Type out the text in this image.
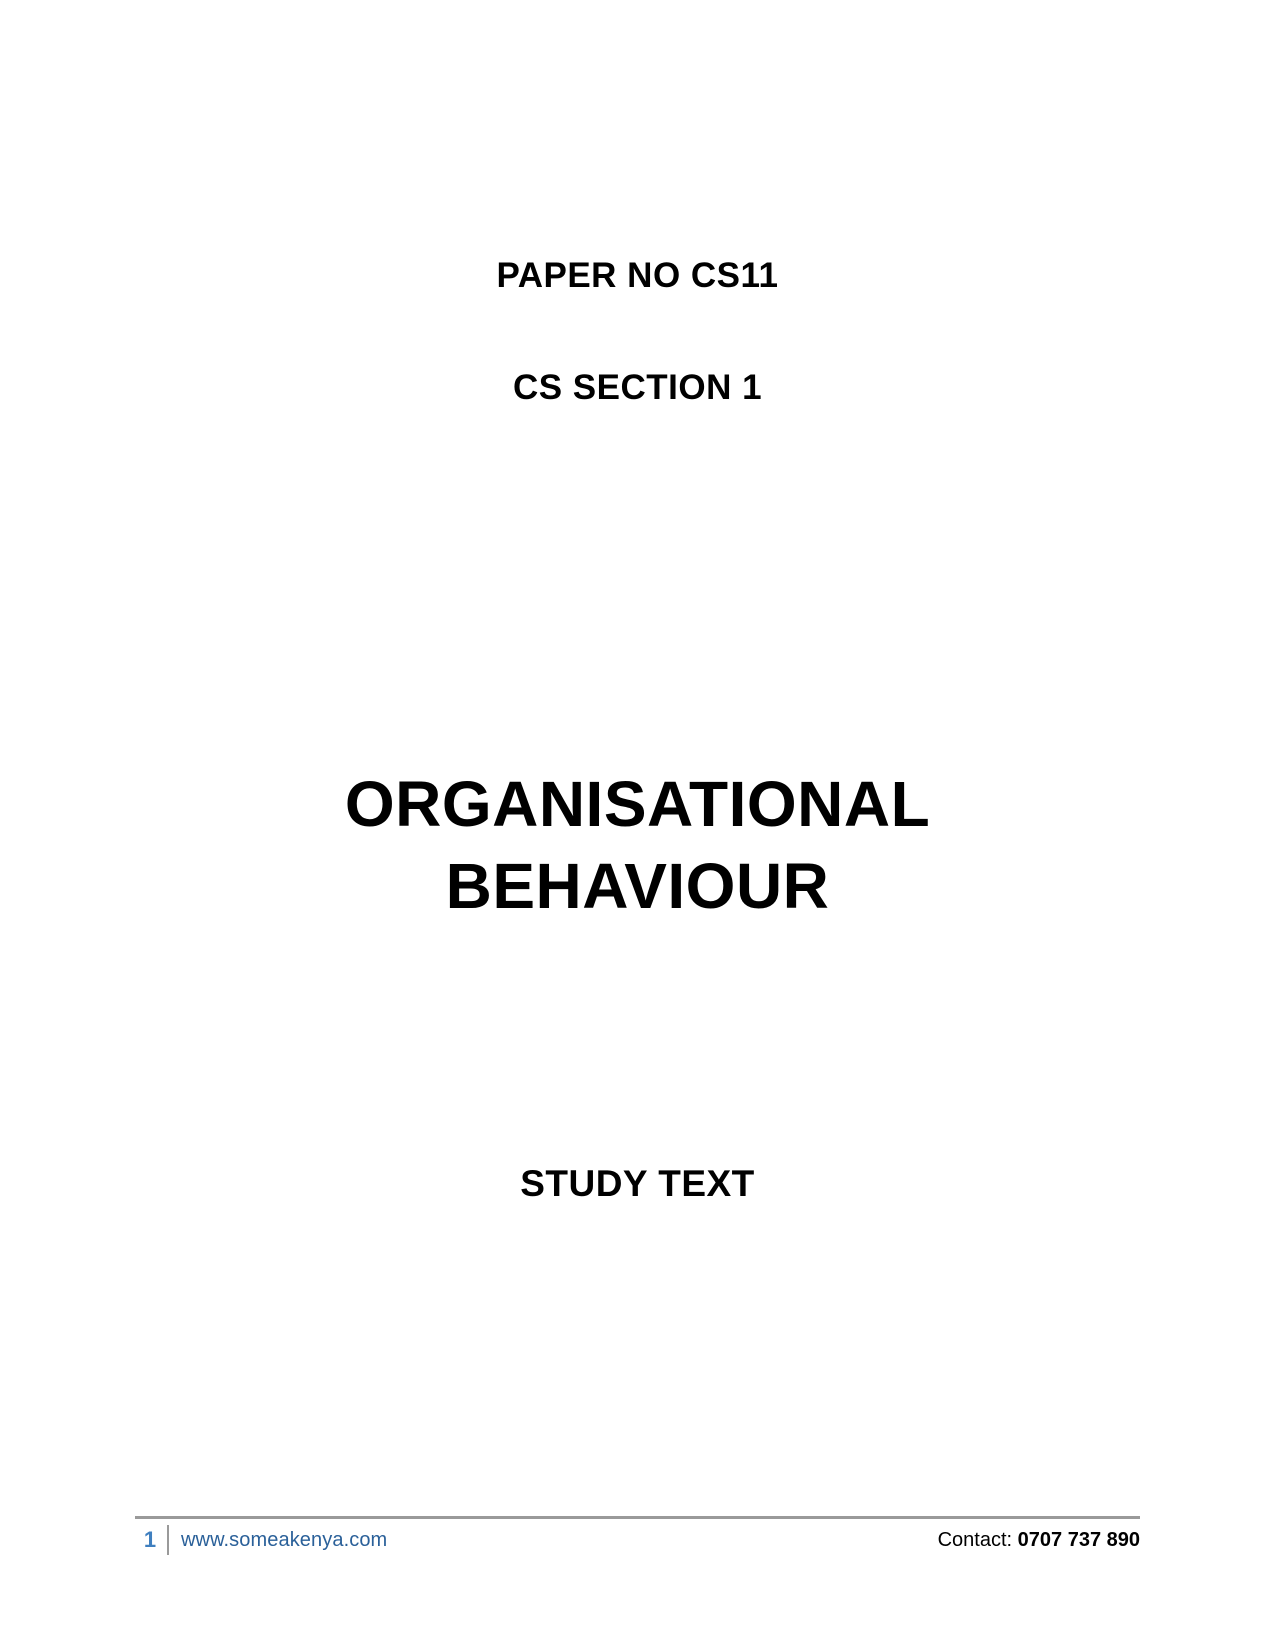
PAPER NO CS11
CS SECTION 1
ORGANISATIONAL
BEHAVIOUR
STUDY TEXT
1	www.someakenya.com	Contact: 0707 737 890
